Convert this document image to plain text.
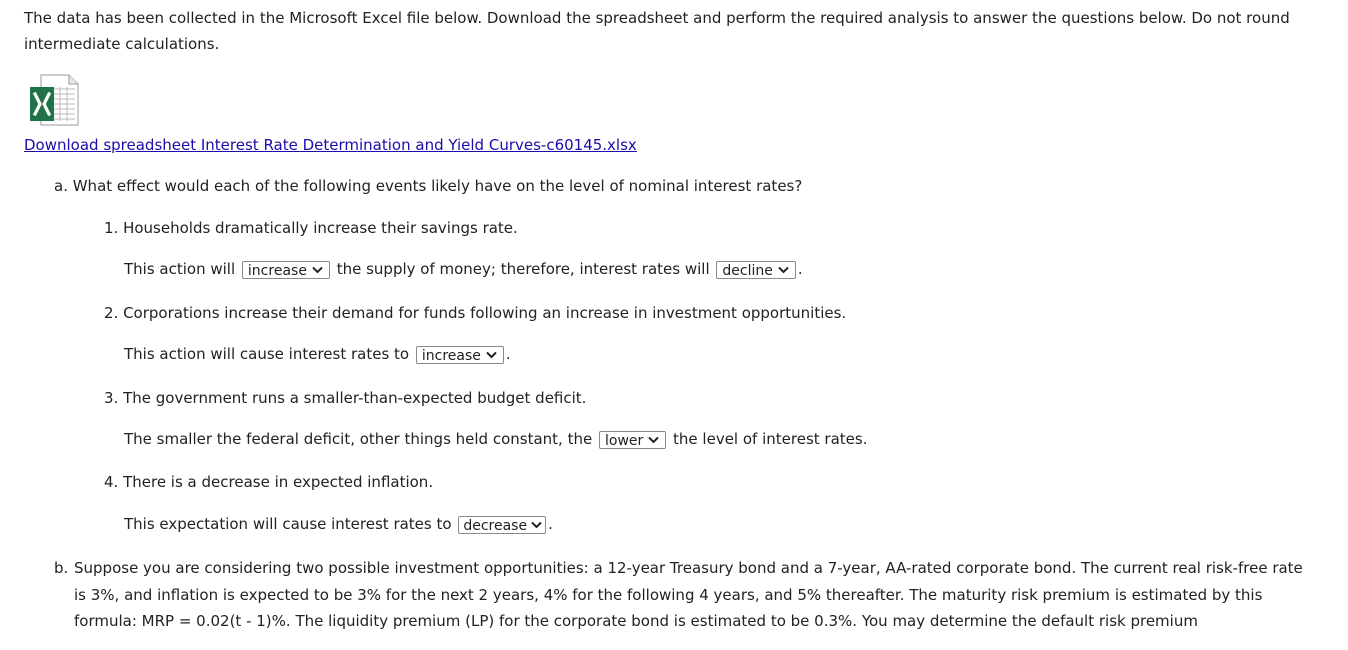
The data has been collected in the Microsoft Excel file below. Download the spreadsheet and perform the required analysis to answer the questions below. Do not round intermediate calculations.
Download spreadsheet Interest Rate Determination and Yield Curves-c60145.xlsx
a. What effect would each of the following events likely have on the level of nominal interest rates?
1. Households dramatically increase their savings rate.
This action will increase the supply of money; therefore, interest rates will decline .
2. Corporations increase their demand for funds following an increase in investment opportunities.
This action will cause interest rates to increase .
3. The government runs a smaller-than-expected budget deficit.
The smaller the federal deficit, other things held constant, the lower the level of interest rates.
4. There is a decrease in expected inflation.
This expectation will cause interest rates to decrease .
b. Suppose you are considering two possible investment opportunities: a 12-year Treasury bond and a 7-year, AA-rated corporate bond. The current real risk-free rate is 3%, and inflation is expected to be 3% for the next 2 years, 4% for the following 4 years, and 5% thereafter. The maturity risk premium is estimated by this formula: MRP = 0.02(t - 1)%. The liquidity premium (LP) for the corporate bond is estimated to be 0.3%. You may determine the default risk premium
